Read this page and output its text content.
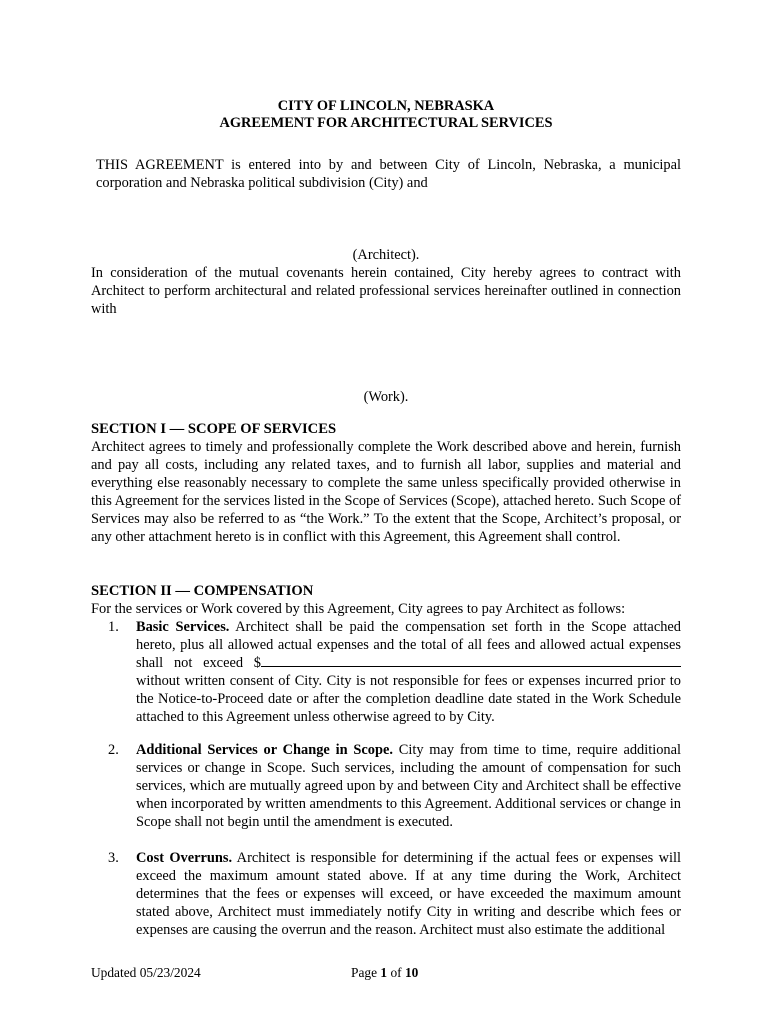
CITY OF LINCOLN, NEBRASKA
AGREEMENT FOR ARCHITECTURAL SERVICES

THIS AGREEMENT is entered into by and between City of Lincoln, Nebraska, a municipal corporation and Nebraska political subdivision (City) and

(Architect).

In consideration of the mutual covenants herein contained, City hereby agrees to contract with Architect to perform architectural and related professional services hereinafter outlined in connection with

(Work).

SECTION I — SCOPE OF SERVICES

Architect agrees to timely and professionally complete the Work described above and herein, furnish and pay all costs, including any related taxes, and to furnish all labor, supplies and material and everything else reasonably necessary to complete the same unless specifically provided otherwise in this Agreement for the services listed in the Scope of Services (Scope), attached hereto. Such Scope of Services may also be referred to as “the Work.” To the extent that the Scope, Architect’s proposal, or any other attachment hereto is in conflict with this Agreement, this Agreement shall control.

SECTION II — COMPENSATION

For the services or Work covered by this Agreement, City agrees to pay Architect as follows:

1.	Basic Services. Architect shall be paid the compensation set forth in the Scope attached hereto, plus all allowed actual expenses and the total of all fees and allowed actual expenses shall not exceed $ without written consent of City. City is not responsible for fees or expenses incurred prior to the Notice-to-Proceed date or after the completion deadline date stated in the Work Schedule attached to this Agreement unless otherwise agreed to by City.
2.	Additional Services or Change in Scope. City may from time to time, require additional services or change in Scope. Such services, including the amount of compensation for such services, which are mutually agreed upon by and between City and Architect shall be effective when incorporated by written amendments to this Agreement. Additional services or change in Scope shall not begin until the amendment is executed.
3.	Cost Overruns. Architect is responsible for determining if the actual fees or expenses will exceed the maximum amount stated above. If at any time during the Work, Architect determines that the fees or expenses will exceed, or have exceeded the maximum amount stated above, Architect must immediately notify City in writing and describe which fees or expenses are causing the overrun and the reason. Architect must also estimate the additional
Updated 05/23/2024	Page 1 of 10
